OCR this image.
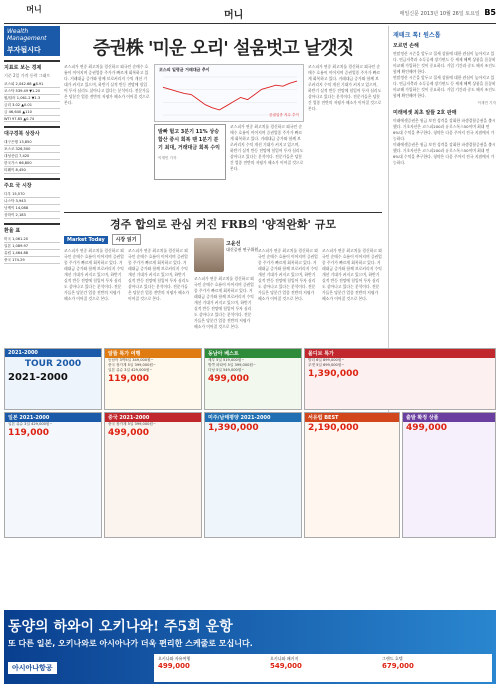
머니
머니	매일신문 2013년 10월 26일 토요일 B5
Wealth Management
부자됩시다
지표로 보는 경제
기준 2일 가격 등락 그래프
코스피 2,042.68 ▲8.91
코스닥 539.49 ▼1.20
원/달러 1,061.2 ▼1.3
금리 3.02 ▲0.01
금 46,640 ▲110
WTI 97.85 ▲0.74
대구경북 상장사
대구은행 13,850
포스코 326,500
대성산업 7,420
한국가스 66,800
티웨이 8,450
주요 국 시장
다우 15,570
나스닥 3,943
닛케이 14,088
상하이 2,183
환율 표
미국 1,061.20
일본 1,089.97
유럽 1,464.88
중국 174.29
증권株 '미운 오리' 설움벗고 날갯짓
코스피가 연중 최고치를 경신하고 외국인 순매수 흐름이 이어지며 증권업종 주가가 빠르게 회복하고 있다. 거래대금 증가와 함께 브로커리지 수익 개선 기대가 커지고 있으며, 하반기 실적 반등 전망에 힘입어 투자 심리도 살아나고 있다는 분석이다. 전문가들은 당분간 업종 전반의 저평가 해소가 이어질 것으로 본다.
코스피 일평균 거래대금 추이
증권업종 지수 추이
코스피가 연중 최고치를 경신하고 외국인 순매수 흐름이 이어지며 증권업종 주가가 빠르게 회복하고 있다. 거래대금 증가와 함께 브로커리지 수익 개선 기대가 커지고 있으며, 하반기 실적 반등 전망에 힘입어 투자 심리도 살아나고 있다는 분석이다. 전문가들은 당분간 업종 전반의 저평가 해소가 이어질 것으로 본다.
발빠 헐고 3분기 11% 상승 합산 증시 회복 땐 1분기 분기 최대, 거래대금 회복 수익
이재민 기자
코스피가 연중 최고치를 경신하고 외국인 순매수 흐름이 이어지며 증권업종 주가가 빠르게 회복하고 있다. 거래대금 증가와 함께 브로커리지 수익 개선 기대가 커지고 있으며, 하반기 실적 반등 전망에 힘입어 투자 심리도 살아나고 있다는 분석이다. 전문가들은 당분간 업종 전반의 저평가 해소가 이어질 것으로 본다.
경주 합의로 관심 커진 FRB의 '양적완화' 규모
Market Today 시장 읽기
코스피가 연중 최고치를 경신하고 외국인 순매수 흐름이 이어지며 증권업종 주가가 빠르게 회복하고 있다. 거래대금 증가와 함께 브로커리지 수익 개선 기대가 커지고 있으며, 하반기 실적 반등 전망에 힘입어 투자 심리도 살아나고 있다는 분석이다. 전문가들은 당분간 업종 전반의 저평가 해소가 이어질 것으로 본다.
코스피가 연중 최고치를 경신하고 외국인 순매수 흐름이 이어지며 증권업종 주가가 빠르게 회복하고 있다. 거래대금 증가와 함께 브로커리지 수익 개선 기대가 커지고 있으며, 하반기 실적 반등 전망에 힘입어 투자 심리도 살아나고 있다는 분석이다. 전문가들은 당분간 업종 전반의 저평가 해소가 이어질 것으로 본다.
고윤선
대신증권 연구위원
코스피가 연중 최고치를 경신하고 외국인 순매수 흐름이 이어지며 증권업종 주가가 빠르게 회복하고 있다. 거래대금 증가와 함께 브로커리지 수익 개선 기대가 커지고 있으며, 하반기 실적 반등 전망에 힘입어 투자 심리도 살아나고 있다는 분석이다. 전문가들은 당분간 업종 전반의 저평가 해소가 이어질 것으로 본다.
코스피가 연중 최고치를 경신하고 외국인 순매수 흐름이 이어지며 증권업종 주가가 빠르게 회복하고 있다. 거래대금 증가와 함께 브로커리지 수익 개선 기대가 커지고 있으며, 하반기 실적 반등 전망에 힘입어 투자 심리도 살아나고 있다는 분석이다. 전문가들은 당분간 업종 전반의 저평가 해소가 이어질 것으로 본다.
코스피가 연중 최고치를 경신하고 외국인 순매수 흐름이 이어지며 증권업종 주가가 빠르게 회복하고 있다. 거래대금 증가와 함께 브로커리지 수익 개선 기대가 커지고 있으며, 하반기 실적 반등 전망에 힘입어 투자 심리도 살아나고 있다는 분석이다. 전문가들은 당분간 업종 전반의 저평가 해소가 이어질 것으로 본다.
재테크 톡! 원스톱
모르면 손해
연말정산 시즌을 앞두고 절세 상품에 대한 관심이 높아지고 있다. 연금저축과 소득공제 장기펀드 등 세제 혜택 상품을 꼼꼼히 비교해 가입하는 것이 중요하다. 가입 기간과 중도 해지 조건도 함께 확인해야 한다.
연말정산 시즌을 앞두고 절세 상품에 대한 관심이 높아지고 있다. 연금저축과 소득공제 장기펀드 등 세제 혜택 상품을 꼼꼼히 비교해 가입하는 것이 중요하다. 가입 기간과 중도 해지 조건도 함께 확인해야 한다.
이재민 기자
미래에셋 최초 알뜰 2호 판매
미래에셋증권은 원금 보전 성격을 강화한 파생결합증권을 출시했다. 기초자산은 코스피200과 유로스톡스50이며 최대 연 6%대 수익을 추구한다. 청약은 다음 주까지 전국 지점에서 가능하다.
미래에셋증권은 원금 보전 성격을 강화한 파생결합증권을 출시했다. 기초자산은 코스피200과 유로스톡스50이며 최대 연 6%대 수익을 추구한다. 청약은 다음 주까지 전국 지점에서 가능하다.
2021-2000
TOUR 2000
2021-2000
알뜰 특가 여행
동남아 3박5일 349,000원~
중국 장가계 5일 399,000원~
일본 큐슈 3일 429,000원~
119,000
동남아 베스트
세부 5일 519,000원~
방콕 파타야 5일 399,000원~
다낭 5일 549,000원~
499,000
몰디브 특가
발리 6일 899,000원~
푸켓 5일 699,000원~
1,390,000
일본 2021-2000
일본 큐슈 3일 429,000원~
119,000
중국 2021-2000
중국 장가계 5일 399,000원~
499,000
미주/남태평양 2021-2000
1,390,000
서유럽 BEST
2,190,000
출발 확정 상품
499,000
동양의 하와이 오키나와! 주5회 운항
또 다른 일본, 오키나와로 아시아나가 더욱 편리한 스케줄로 모십니다.
아시아나항공
오키나와 자유여행
499,000
오키나와 패키지
549,000
그랜드 호텔
679,000
